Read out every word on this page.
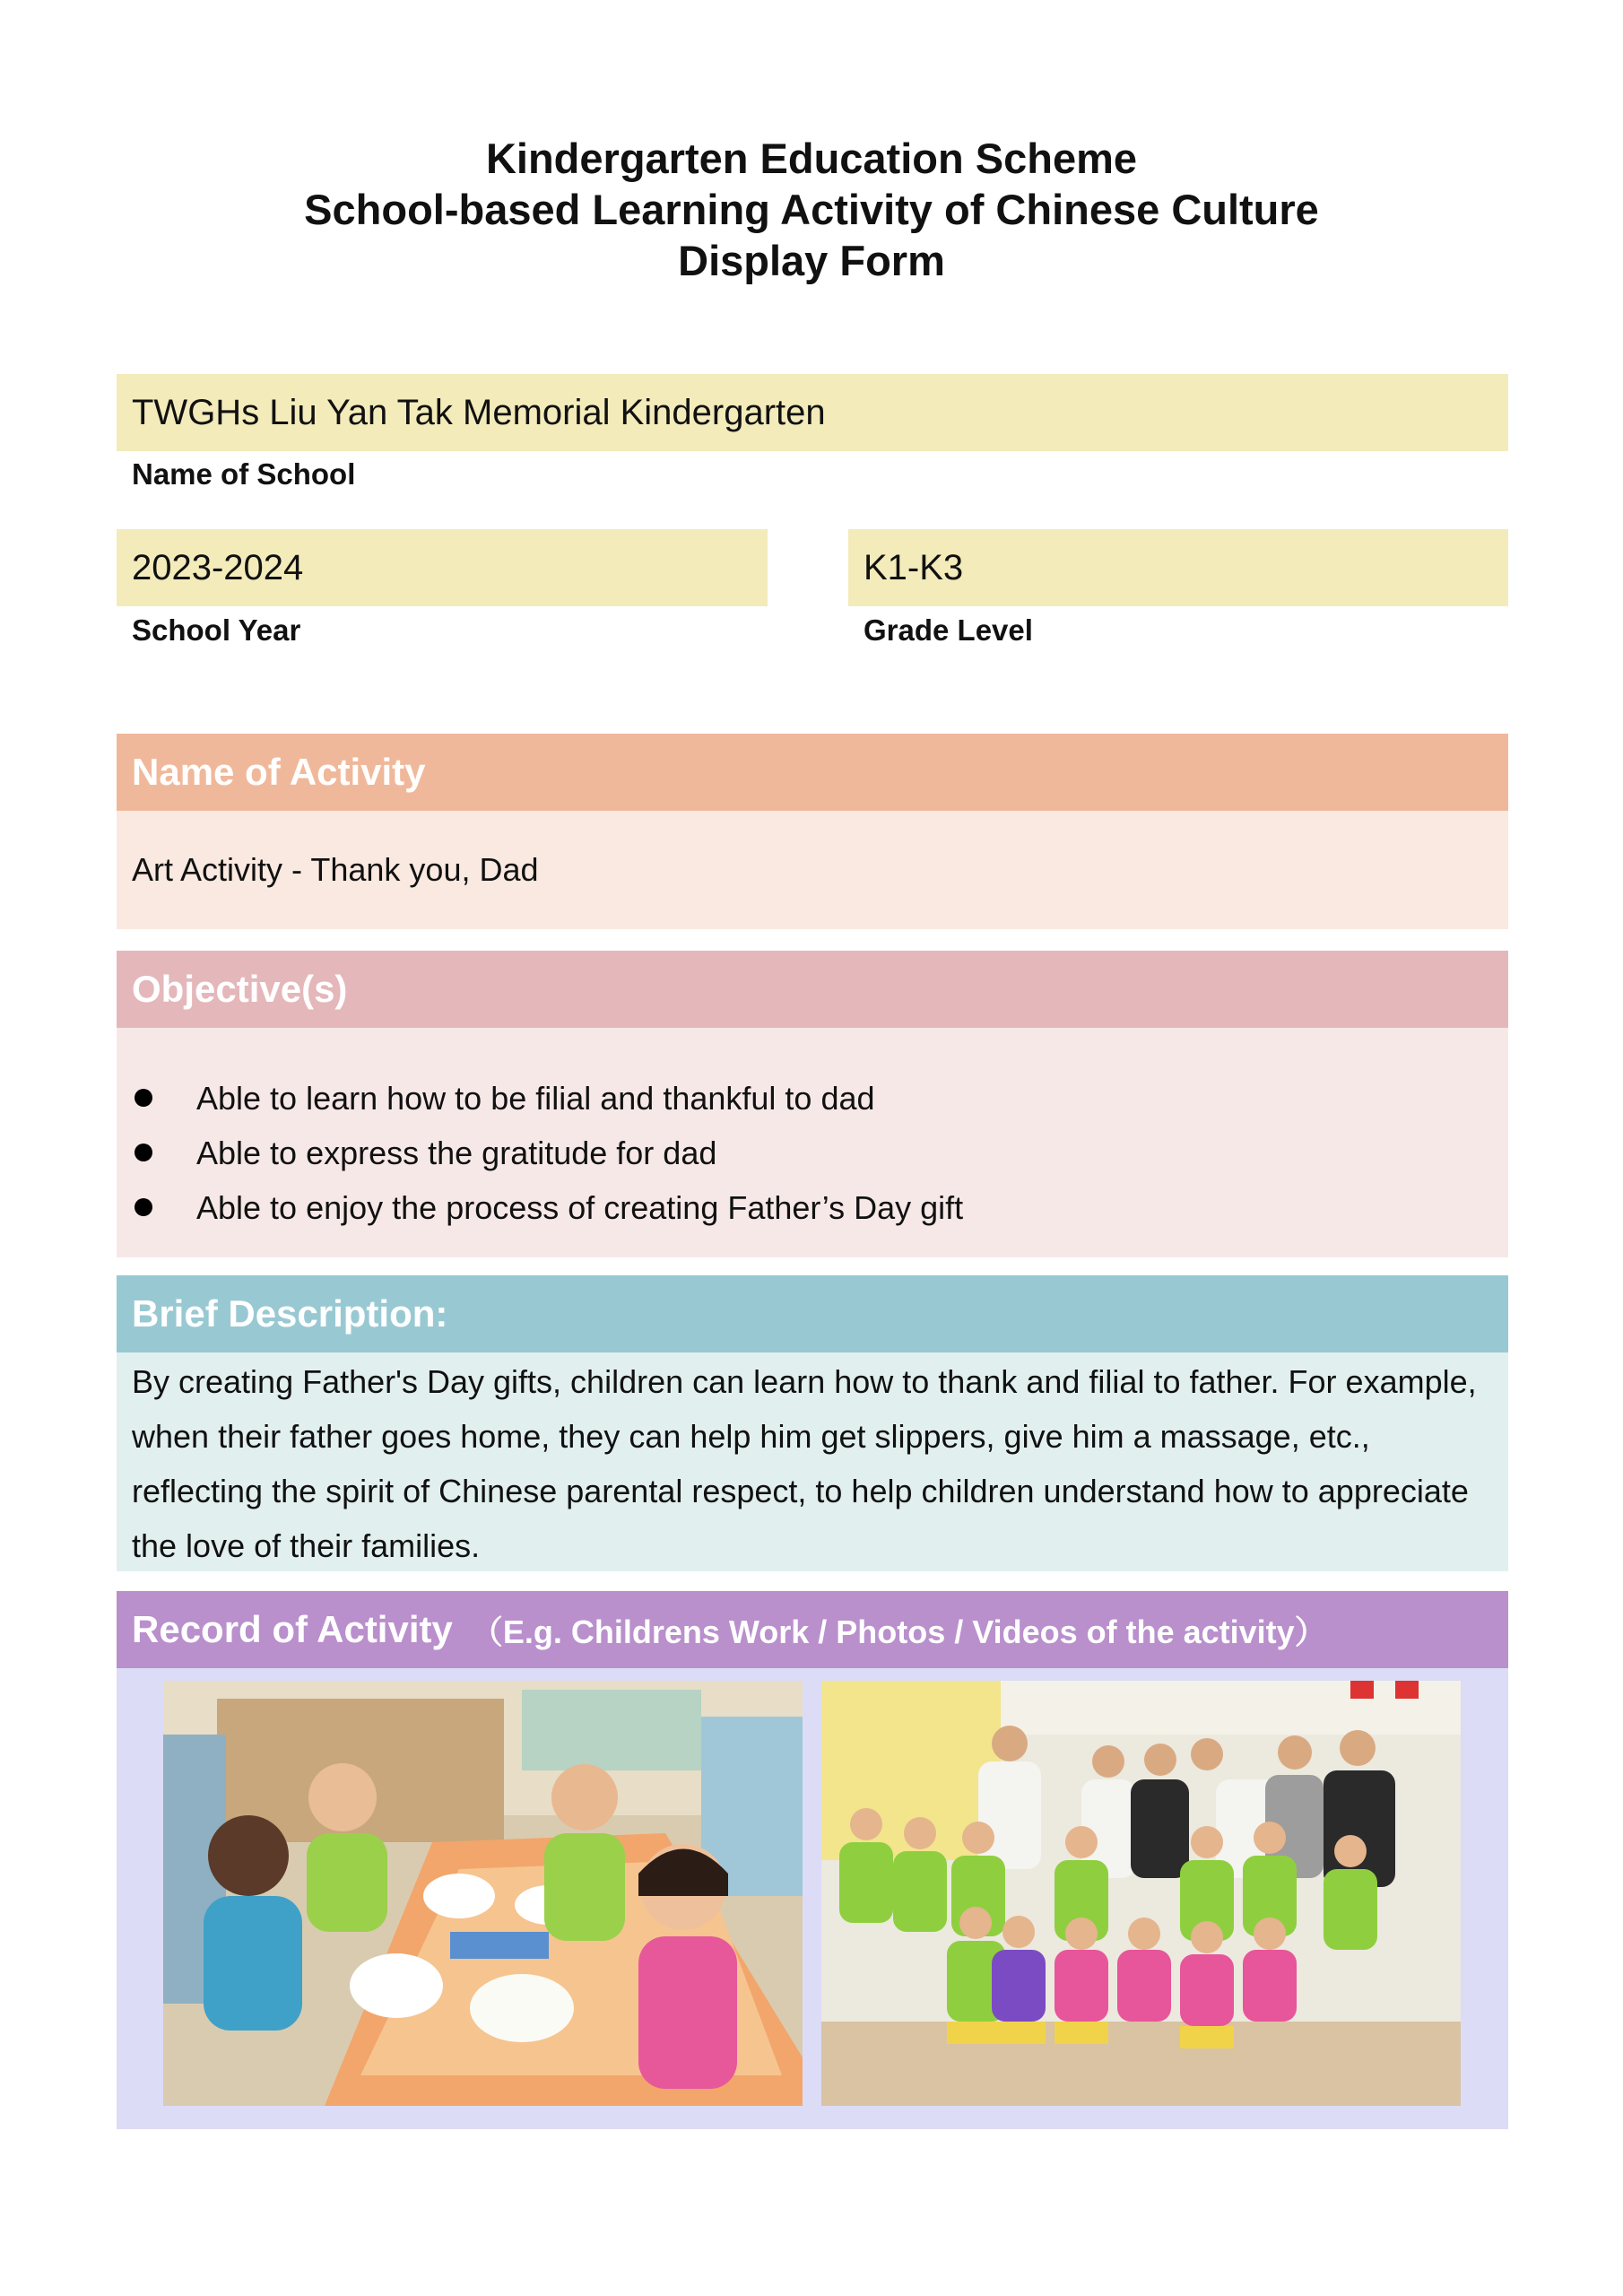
Kindergarten Education Scheme
School-based Learning Activity of Chinese Culture
Display Form
TWGHs Liu Yan Tak Memorial Kindergarten
Name of School
2023-2024
School Year
K1-K3
Grade Level
Name of Activity
Art Activity - Thank you, Dad
Objective(s)
Able to learn how to be filial and thankful to dad
Able to express the gratitude for dad
Able to enjoy the process of creating Father’s Day gift
Brief Description:
By creating Father's Day gifts, children can learn how to thank and filial to father. For example, when their father goes home, they can help him get slippers, give him a massage, etc., reflecting the spirit of Chinese parental respect, to help children understand how to appreciate the love of their families.
Record of Activity （E.g. Childrens Work / Photos / Videos of the activity）
